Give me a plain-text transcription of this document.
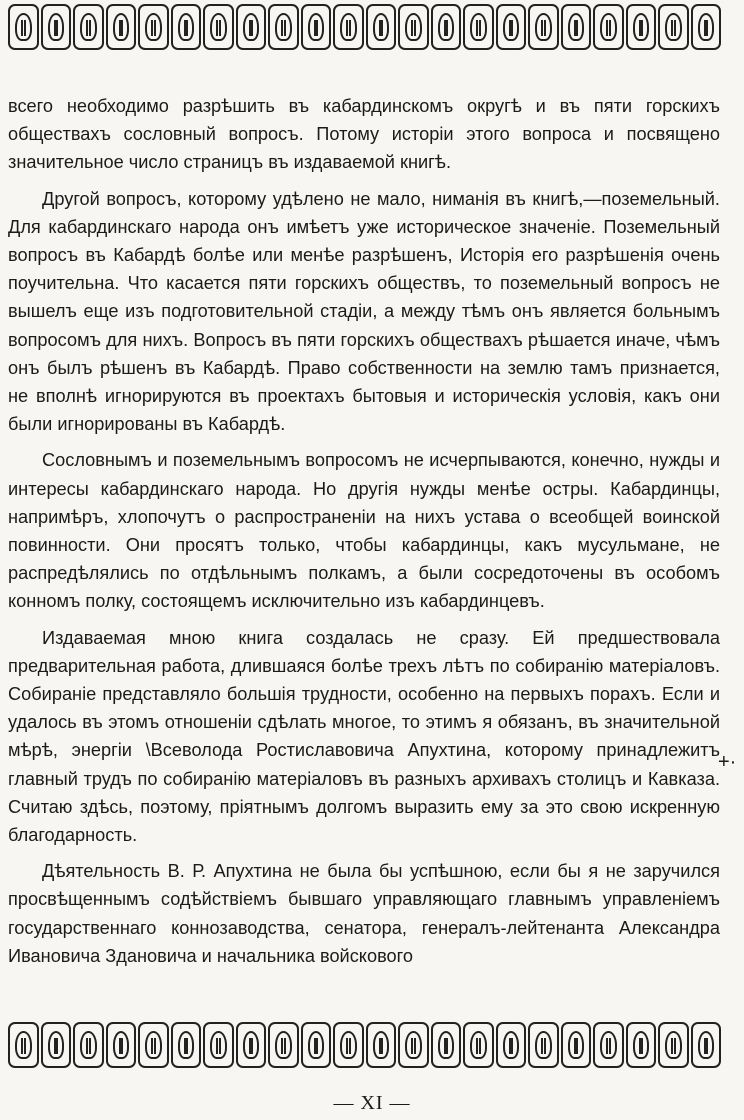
всего необходимо разрѣшить въ кабардинскомъ округѣ и въ пяти горскихъ обществахъ сословный вопросъ. Потому исторіи этого вопроса и посвящено значительное число страницъ въ издаваемой книгѣ.

Другой вопросъ, которому удѣлено не мало, ниманія въ книгѣ,—поземельный. Для кабардинскаго народа онъ имѣетъ уже историческое значеніе. Поземельный вопросъ въ Кабардѣ болѣе или менѣе разрѣшенъ, Исторія его разрѣшенія очень поучительна. Что касается пяти горскихъ обществъ, то поземельный вопросъ не вышелъ еще изъ подготовительной стадіи, а между тѣмъ онъ является больнымъ вопросомъ для нихъ. Вопросъ въ пяти горскихъ обществахъ рѣшается иначе, чѣмъ онъ былъ рѣшенъ въ Кабардѣ. Право собственности на землю тамъ признается, не вполнѣ игнорируются въ проектахъ бытовыя и историческія условія, какъ они были игнорированы въ Кабардѣ.

Сословнымъ и поземельнымъ вопросомъ не исчерпываются, конечно, нужды и интересы кабардинскаго народа. Но другія нужды менѣе остры. Кабардинцы, напримѣръ, хлопочутъ о распространеніи на нихъ устава о всеобщей воинской повинности. Они просятъ только, чтобы кабардинцы, какъ мусульмане, не распредѣлялись по отдѣльнымъ полкамъ, а были сосредоточены въ особомъ конномъ полку, состоящемъ исключительно изъ кабардинцевъ.

Издаваемая мною книга создалась не сразу. Ей предшествовала предварительная работа, длившаяся болѣе трехъ лѣтъ по собиранію матеріаловъ. Собираніе представляло большія трудности, особенно на первыхъ порахъ. Если и удалось въ этомъ отношеніи сдѣлать многое, то этимъ я обязанъ, въ значительной мѣрѣ, энергіи \Всеволода Ростиславовича Апухтина, которому принадлежитъ главный трудъ по собиранію матеріаловъ въ разныхъ архивахъ столицъ и Кавказа. Считаю здѣсь, поэтому, пріятнымъ долгомъ выразить ему за это свою искренную благодарность.

Дѣятельность В. Р. Апухтина не была бы успѣшною, если бы я не заручился просвѣщеннымъ содѣйствіемъ бывшаго управляющаго главнымъ управленіемъ государственнаго коннозаводства, сенатора, генералъ-лейтенанта Александра Ивановича Здановича и начальника войскового

+·
— XI —
